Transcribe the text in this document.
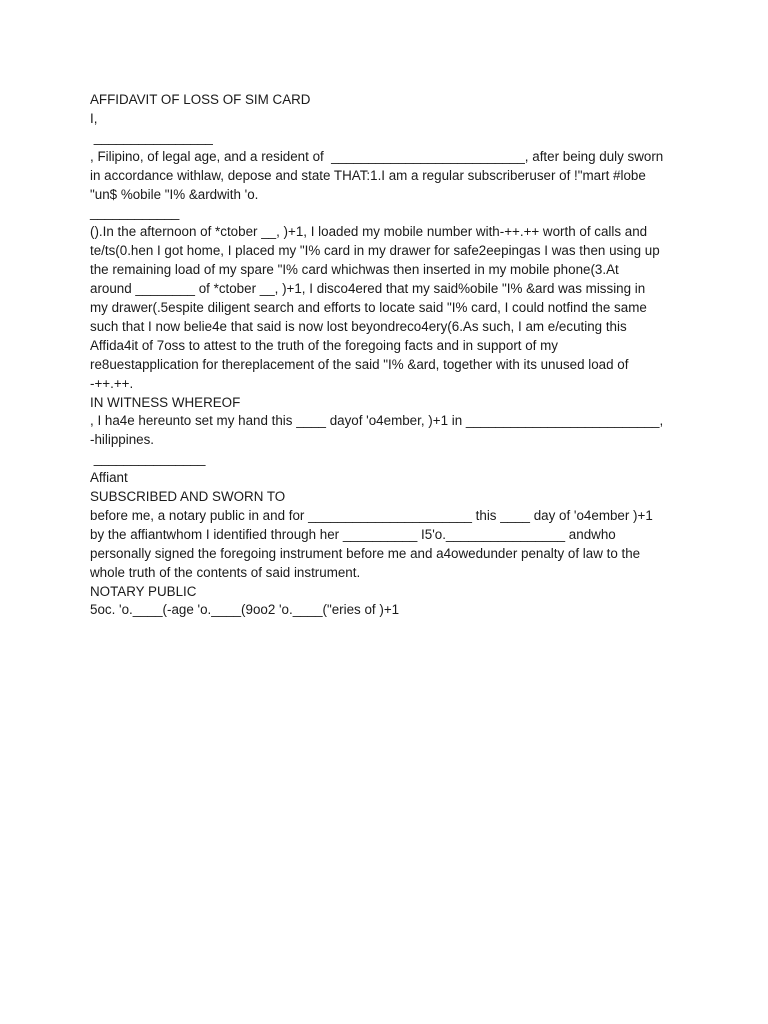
AFFIDAVIT OF LOSS OF SIM CARD
I,
________________
, Filipino, of legal age, and a resident of  __________________________, after being duly sworn
in accordance withlaw, depose and state THAT:1.I am a regular subscriberuser of !"mart #lobe
"un$ %obile "I% &ardwith 'o.
____________
().In the afternoon of *ctober __, )+1, I loaded my mobile number with-++.++ worth of calls and
te/ts(0.hen I got home, I placed my "I% card in my drawer for safe2eepingas I was then using up
the remaining load of my spare "I% card whichwas then inserted in my mobile phone(3.At
around ________ of *ctober __, )+1, I disco4ered that my said%obile "I% &ard was missing in
my drawer(.5espite diligent search and efforts to locate said "I% card, I could notfind the same
such that I now belie4e that said is now lost beyondreco4ery(6.As such, I am e/ecuting this
Affida4it of 7oss to attest to the truth of the foregoing facts and in support of my
re8uestapplication for thereplacement of the said "I% &ard, together with its unused load of
-++.++.
IN WITNESS WHEREOF
, I ha4e hereunto set my hand this ____ dayof 'o4ember, )+1 in __________________________,
-hilippines.
_______________
Affiant
SUBSCRIBED AND SWORN TO
before me, a notary public in and for ______________________ this ____ day of 'o4ember )+1
by the affiantwhom I identified through her __________ I5'o.________________ andwho
personally signed the foregoing instrument before me and a4owedunder penalty of law to the
whole truth of the contents of said instrument.
NOTARY PUBLIC
5oc. 'o.____(-age 'o.____(9oo2 'o.____("eries of )+1
